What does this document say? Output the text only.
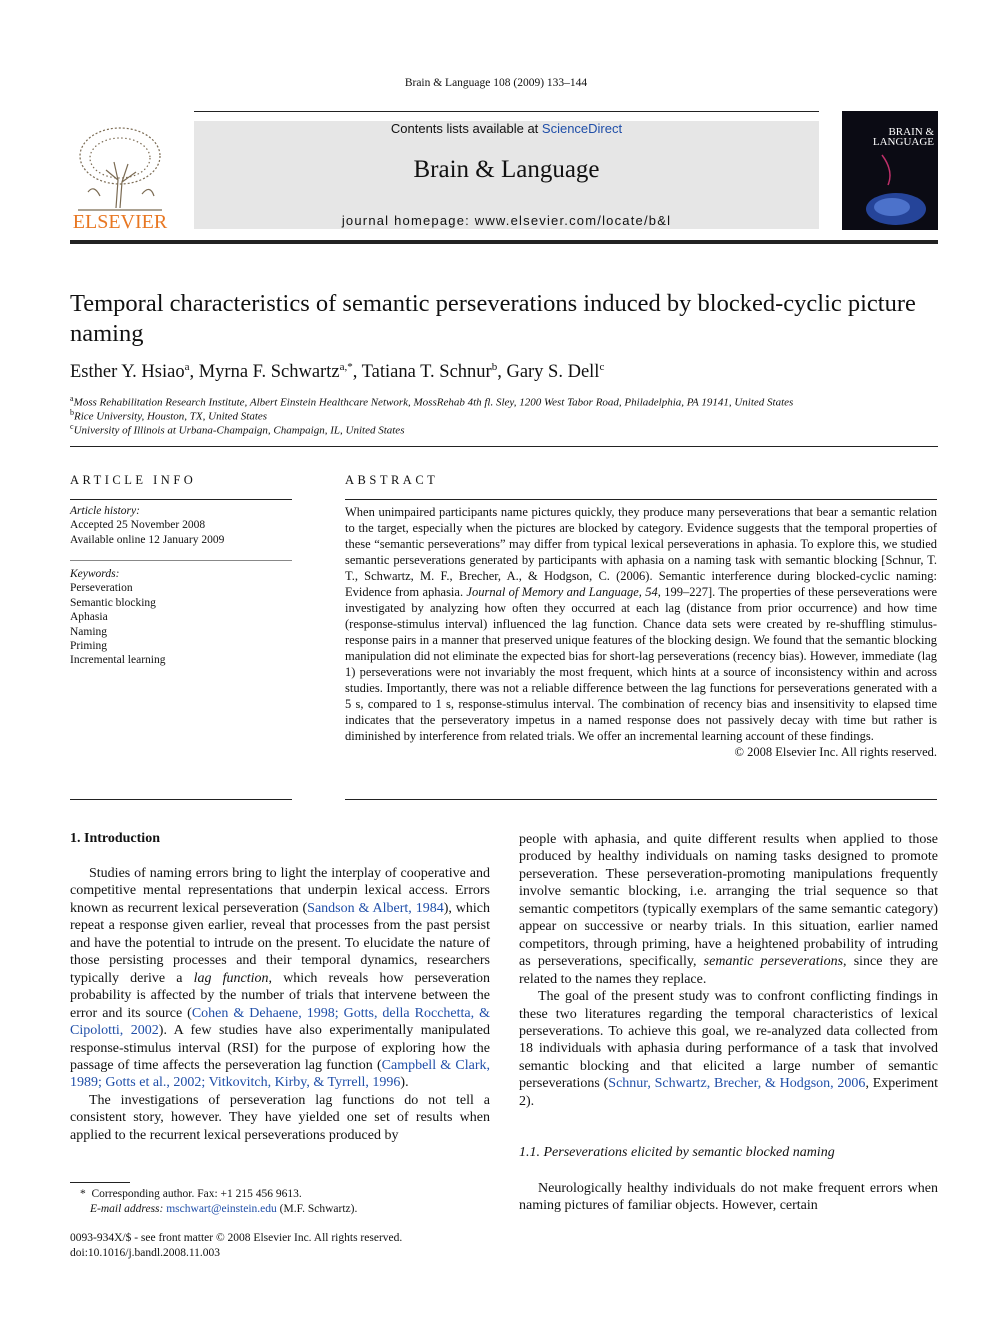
Brain & Language 108 (2009) 133–144
ELSEVIER
Contents lists available at ScienceDirect
Brain & Language
journal homepage: www.elsevier.com/locate/b&l
BRAIN &
LANGUAGE
Temporal characteristics of semantic perseverations induced by blocked-cyclic picture naming
Esther Y. Hsiao$^a$, Myrna F. Schwartz$^{a,*}$, Tatiana T. Schnur$^b$, Gary S. Dell$^c$
$^a$Moss Rehabilitation Research Institute, Albert Einstein Healthcare Network, MossRehab 4th fl. Sley, 1200 West Tabor Road, Philadelphia, PA 19141, United States
$^b$Rice University, Houston, TX, United States
$^c$University of Illinois at Urbana-Champaign, Champaign, IL, United States
ARTICLE INFO
Article history:
Accepted 25 November 2008
Available online 12 January 2009
Keywords:
Perseveration
Semantic blocking
Aphasia
Naming
Priming
Incremental learning
ABSTRACT

When unimpaired participants name pictures quickly, they produce many perseverations that bear a semantic relation to the target, especially when the pictures are blocked by category. Evidence suggests that the temporal properties of these “semantic perseverations” may differ from typical lexical perseverations in aphasia. To explore this, we studied semantic perseverations generated by participants with aphasia on a naming task with semantic blocking [Schnur, T. T., Schwartz, M. F., Brecher, A., & Hodgson, C. (2006). Semantic interference during blocked-cyclic naming: Evidence from aphasia. Journal of Memory and Language, 54, 199–227]. The properties of these perseverations were investigated by analyzing how often they occurred at each lag (distance from prior occurrence) and how time (response-stimulus interval) influenced the lag function. Chance data sets were created by re-shuffling stimulus-response pairs in a manner that preserved unique features of the blocking design. We found that the semantic blocking manipulation did not eliminate the expected bias for short-lag perseverations (recency bias). However, immediate (lag 1) perseverations were not invariably the most frequent, which hints at a source of inconsistency within and across studies. Importantly, there was not a reliable difference between the lag functions for perseverations generated with a 5 s, compared to 1 s, response-stimulus interval. The combination of recency bias and insensitivity to elapsed time indicates that the perseveratory impetus in a named response does not passively decay with time but rather is diminished by interference from related trials. We offer an incremental learning account of these findings.

© 2008 Elsevier Inc. All rights reserved.
1. Introduction

Studies of naming errors bring to light the interplay of cooperative and competitive mental representations that underpin lexical access. Errors known as recurrent lexical perseveration (Sandson & Albert, 1984), which repeat a response given earlier, reveal that processes from the past persist and have the potential to intrude on the present. To elucidate the nature of those persisting processes and their temporal dynamics, researchers typically derive a lag function, which reveals how perseveration probability is affected by the number of trials that intervene between the error and its source (Cohen & Dehaene, 1998; Gotts, della Rocchetta, & Cipolotti, 2002). A few studies have also experimentally manipulated response-stimulus interval (RSI) for the purpose of exploring how the passage of time affects the perseveration lag function (Campbell & Clark, 1989; Gotts et al., 2002; Vitkovitch, Kirby, & Tyrrell, 1996).

The investigations of perseveration lag functions do not tell a consistent story, however. They have yielded one set of results when applied to the recurrent lexical perseverations produced by

people with aphasia, and quite different results when applied to those produced by healthy individuals on naming tasks designed to promote perseveration. These perseveration-promoting manipulations frequently involve semantic blocking, i.e. arranging the trial sequence so that semantic competitors (typically exemplars of the same semantic category) appear on successive or nearby trials. In this situation, earlier named competitors, through priming, have a heightened probability of intruding as perseverations, specifically, semantic perseverations, since they are related to the names they replace.

The goal of the present study was to confront conflicting findings in these two literatures regarding the temporal characteristics of lexical perseverations. To achieve this goal, we re-analyzed data collected from 18 individuals with aphasia during performance of a task that involved semantic blocking and that elicited a large number of semantic perseverations (Schnur, Schwartz, Brecher, & Hodgson, 2006, Experiment 2).

1.1. Perseverations elicited by semantic blocked naming

Neurologically healthy individuals do not make frequent errors when naming pictures of familiar objects. However, certain

* Corresponding author. Fax: +1 215 456 9613.
E-mail address: mschwart@einstein.edu (M.F. Schwartz).
0093-934X/$ - see front matter © 2008 Elsevier Inc. All rights reserved.
doi:10.1016/j.bandl.2008.11.003
